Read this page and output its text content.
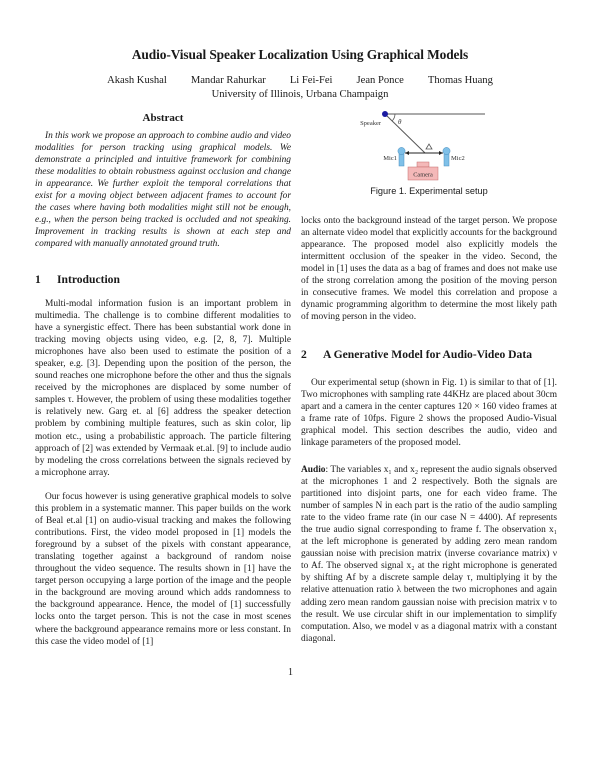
Audio-Visual Speaker Localization Using Graphical Models
Akash Kushal Mandar Rahurkar Li Fei-Fei Jean Ponce Thomas Huang
University of Illinois, Urbana Champaign
Abstract
In this work we propose an approach to combine audio and video modalities for person tracking using graphical models. We demonstrate a principled and intuitive framework for combining these modalities to obtain robustness against occlusion and change in appearance. We further exploit the temporal correlations that exist for a moving object between adjacent frames to account for the cases where having both modalities might still not be enough, e.g., when the person being tracked is occluded and not speaking. Improvement in tracking results is shown at each step and compared with manually annotated ground truth.
1 Introduction
Multi-modal information fusion is an important problem in multimedia. The challenge is to combine different modalities to have a synergistic effect. There has been substantial work done in tracking moving objects using video, e.g. [2, 8, 7]. Multiple microphones have also been used to estimate the position of a speaker, e.g. [3]. Depending upon the position of the person, the sound reaches one microphone before the other and thus the signals received by the microphones are displaced by some number of samples τ. However, the problem of using these modalities together is relatively new. Garg et. al [6] address the speaker detection problem by combining multiple features, such as skin color, lip motion etc., using a probabilistic approach. The particle filtering approach of [2] was extended by Vermaak et.al. [9] to include audio by modeling the cross correlations between the signals recieved by a microphone array.
Our focus however is using generative graphical models to solve this problem in a systematic manner. This paper builds on the work of Beal et.al [1] on audio-visual tracking and makes the following contributions. First, the video model proposed in [1] models the foreground by a subset of the pixels with constant appearance, translating together against a background of random noise throughout the video sequence. The results shown in [1] have the target person occupying a large portion of the image and the people in the background are moving around which adds randomness to the background appearance. Hence, the model of [1] successfully locks onto the target person. This is not the case in most scenes where the background appearance remains more or less constant. In this case the video model of [1]
Speaker θ
Mic1	Mic2
Camera
Figure 1. Experimental setup
locks onto the background instead of the target person. We propose an alternate video model that explicitly accounts for the background appearance. The proposed model also explicitly models the intermittent occlusion of the speaker in the video. Second, the model in [1] uses the data as a bag of frames and does not make use of the strong correlation among the position of the moving person in consecutive frames. We model this correlation and propose a dynamic programming algorithm to determine the most likely path of moving person in the video.
2 A Generative Model for Audio-Video Data
Our experimental setup (shown in Fig. 1) is similar to that of [1]. Two microphones with sampling rate 44KHz are placed about 30cm apart and a camera in the center captures 120 × 160 video frames at a frame rate of 10fps. Figure 2 shows the proposed Audio-Visual graphical model. This section describes the audio, video and linkage parameters of the proposed model.
Audio: The variables x₁ and x₂ represent the audio signals observed at the microphones 1 and 2 respectively. Both the signals are partitioned into disjoint parts, one for each video frame. The number of samples N in each part is the ratio of the audio sampling rate to the video frame rate (in our case N = 4400). Af represents the true audio signal corresponding to frame f. The observation x₁ at the left microphone is generated by adding zero mean random gaussian noise with precision matrix (inverse covariance matrix) ν to Af. The observed signal x₂ at the right microphone is generated by shifting Af by a discrete sample delay τ, multiplying it by the relative attenuation ratio λ between the two microphones and again adding zero mean random gaussian noise with precision matrix ν to the result. We use circular shift in our implementation to simplify computation. Also, we model ν as a diagonal matrix with a constant diagonal.
1
